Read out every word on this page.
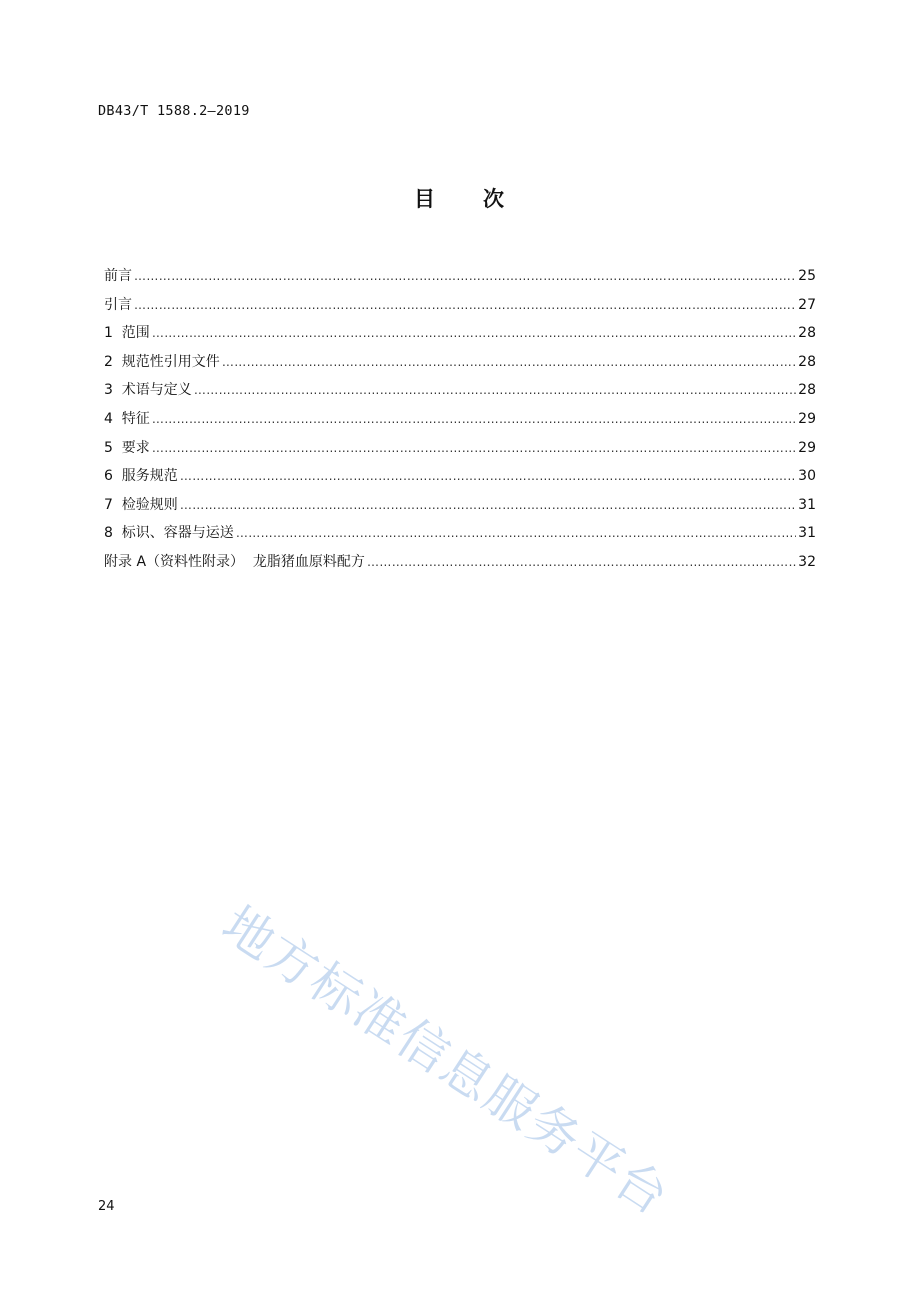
DB43/T 1588.2—2019
目 次
前言 …………………………………………………………………………………………………………………………………………………………………………………………………………………	25
引言 …………………………………………………………………………………………………………………………………………………………………………………………………………………	27
1  范围 …………………………………………………………………………………………………………………………………………………………………………………………………………………	28
2  规范性引用文件 …………………………………………………………………………………………………………………………………………………………………………………………………………………	28
3  术语与定义 …………………………………………………………………………………………………………………………………………………………………………………………………………………	28
4  特征 …………………………………………………………………………………………………………………………………………………………………………………………………………………	29
5  要求 …………………………………………………………………………………………………………………………………………………………………………………………………………………	29
6  服务规范 …………………………………………………………………………………………………………………………………………………………………………………………………………………	30
7  检验规则 …………………………………………………………………………………………………………………………………………………………………………………………………………………	31
8  标识、容器与运送 …………………………………………………………………………………………………………………………………………………………………………………………………………………	31
附录 A（资料性附录）  龙脂猪血原料配方 …………………………………………………………………………………………………………………………………………………………………………………………………………………	32
地方标准信息服务平台
24
